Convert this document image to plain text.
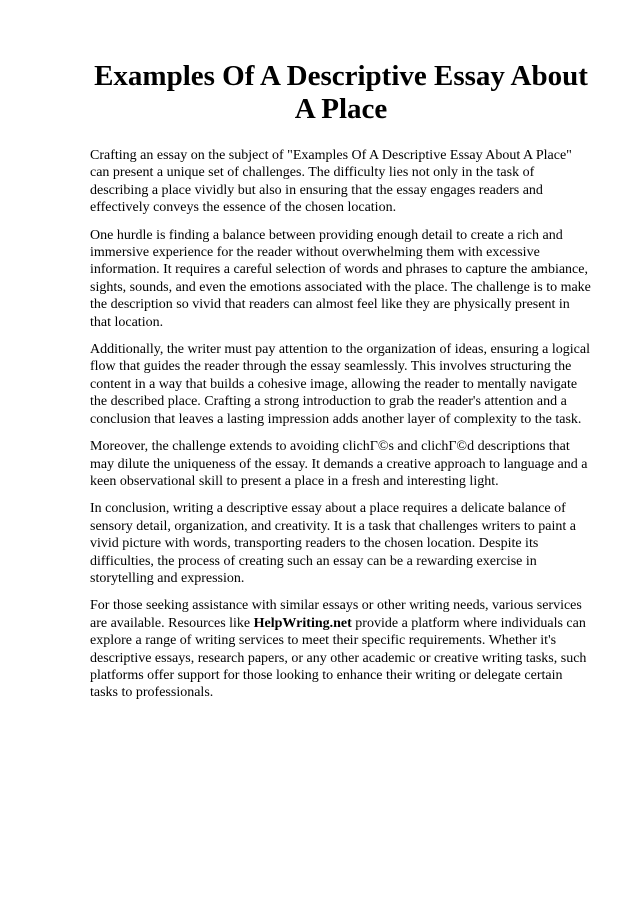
Examples Of A Descriptive Essay About A Place

Crafting an essay on the subject of "Examples Of A Descriptive Essay About A Place" can present a unique set of challenges. The difficulty lies not only in the task of describing a place vividly but also in ensuring that the essay engages readers and effectively conveys the essence of the chosen location.

One hurdle is finding a balance between providing enough detail to create a rich and immersive experience for the reader without overwhelming them with excessive information. It requires a careful selection of words and phrases to capture the ambiance, sights, sounds, and even the emotions associated with the place. The challenge is to make the description so vivid that readers can almost feel like they are physically present in that location.

Additionally, the writer must pay attention to the organization of ideas, ensuring a logical flow that guides the reader through the essay seamlessly. This involves structuring the content in a way that builds a cohesive image, allowing the reader to mentally navigate the described place. Crafting a strong introduction to grab the reader's attention and a conclusion that leaves a lasting impression adds another layer of complexity to the task.

Moreover, the challenge extends to avoiding clichГ©s and clichГ©d descriptions that may dilute the uniqueness of the essay. It demands a creative approach to language and a keen observational skill to present a place in a fresh and interesting light.

In conclusion, writing a descriptive essay about a place requires a delicate balance of sensory detail, organization, and creativity. It is a task that challenges writers to paint a vivid picture with words, transporting readers to the chosen location. Despite its difficulties, the process of creating such an essay can be a rewarding exercise in storytelling and expression.

For those seeking assistance with similar essays or other writing needs, various services are available. Resources like HelpWriting.net provide a platform where individuals can explore a range of writing services to meet their specific requirements. Whether it's descriptive essays, research papers, or any other academic or creative writing tasks, such platforms offer support for those looking to enhance their writing or delegate certain tasks to professionals.
